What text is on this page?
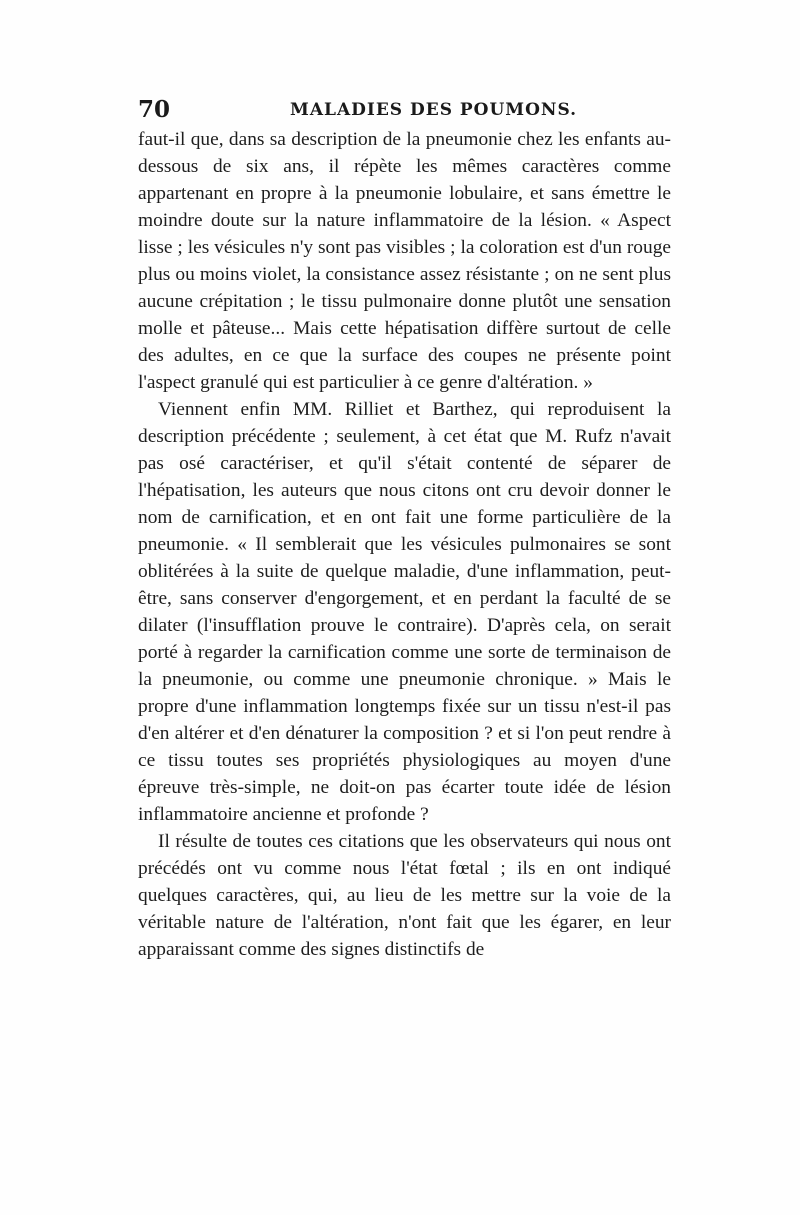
70	MALADIES DES POUMONS.

faut-il que, dans sa description de la pneumonie chez les enfants au-dessous de six ans, il répète les mêmes caractères comme appartenant en propre à la pneumonie lobulaire, et sans émettre le moindre doute sur la nature inflammatoire de la lésion. « Aspect lisse ; les vésicules n'y sont pas visibles ; la coloration est d'un rouge plus ou moins violet, la consistance assez résistante ; on ne sent plus aucune crépitation ; le tissu pulmonaire donne plutôt une sensation molle et pâteuse... Mais cette hépatisation diffère surtout de celle des adultes, en ce que la surface des coupes ne présente point l'aspect granulé qui est particulier à ce genre d'altération. »

Viennent enfin MM. Rilliet et Barthez, qui reproduisent la description précédente ; seulement, à cet état que M. Rufz n'avait pas osé caractériser, et qu'il s'était contenté de séparer de l'hépatisation, les auteurs que nous citons ont cru devoir donner le nom de carnification, et en ont fait une forme particulière de la pneumonie. « Il semblerait que les vésicules pulmonaires se sont oblitérées à la suite de quelque maladie, d'une inflammation, peut-être, sans conserver d'engorgement, et en perdant la faculté de se dilater (l'insufflation prouve le contraire). D'après cela, on serait porté à regarder la carnification comme une sorte de terminaison de la pneumonie, ou comme une pneumonie chronique. » Mais le propre d'une inflammation longtemps fixée sur un tissu n'est-il pas d'en altérer et d'en dénaturer la composition ? et si l'on peut rendre à ce tissu toutes ses propriétés physiologiques au moyen d'une épreuve très-simple, ne doit-on pas écarter toute idée de lésion inflammatoire ancienne et profonde ?

Il résulte de toutes ces citations que les observateurs qui nous ont précédés ont vu comme nous l'état fœtal ; ils en ont indiqué quelques caractères, qui, au lieu de les mettre sur la voie de la véritable nature de l'altération, n'ont fait que les égarer, en leur apparaissant comme des signes distinctifs de
